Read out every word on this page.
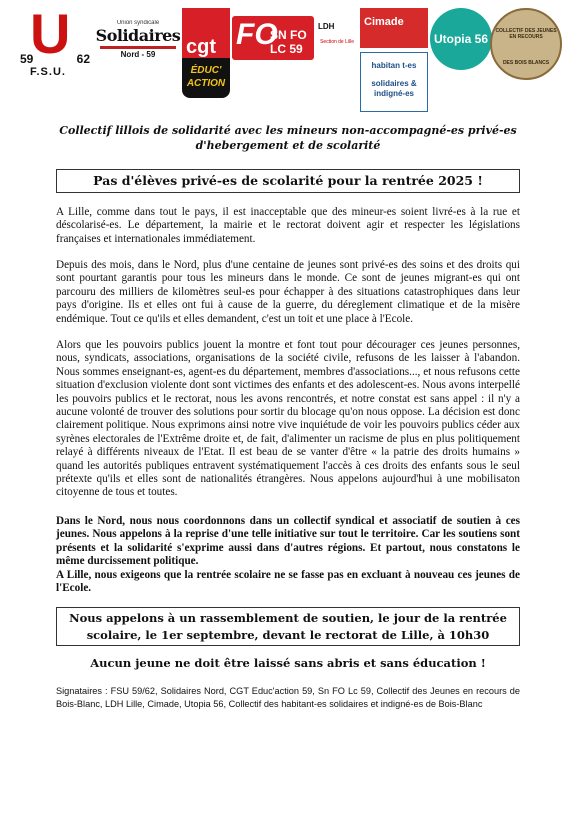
U
59	62
F.S.U.
Union syndicale
Solidaires
Nord - 59	cgt
ÉDUC'
ACTION
FO
SN FO LC 59
LDH
Section de Lille
Cimade
habitan t-es
solidaires &
indigné-es
Utopia 56
COLLECTIF DES JEUNES EN RECOURS
DES BOIS BLANCS
Collectif lillois de solidarité avec les mineurs non-accompagné-es privé-es d'hebergement et de scolarité
Pas d'élèves privé-es de scolarité pour la rentrée 2025 !
A Lille, comme dans tout le pays, il est inacceptable que des mineur-es soient livré-es à la rue et déscolarisé-es. Le département, la mairie et le rectorat doivent agir et respecter les législations françaises et internationales immédiatement.
Depuis des mois, dans le Nord, plus d'une centaine de jeunes sont privé-es des soins et des droits qui sont pourtant garantis pour tous les mineurs dans le monde. Ce sont de jeunes migrant-es qui ont parcouru des milliers de kilomètres seul-es pour échapper à des situations catastrophiques dans leur pays d'origine. Ils et elles ont fui à cause de la guerre, du déreglement climatique et de la misère endémique. Tout ce qu'ils et elles demandent, c'est un toit et une place à l'Ecole.
Alors que les pouvoirs publics jouent la montre et font tout pour décourager ces jeunes personnes, nous, syndicats, associations, organisations de la société civile, refusons de les laisser à l'abandon. Nous sommes enseignant-es, agent-es du département, membres d'associations..., et nous refusons cette situation d'exclusion violente dont sont victimes des enfants et des adolescent-es. Nous avons interpellé les pouvoirs publics et le rectorat, nous les avons rencontrés, et notre constat est sans appel : il n'y a aucune volonté de trouver des solutions pour sortir du blocage qu'on nous oppose. La décision est donc clairement politique. Nous exprimons ainsi notre vive inquiétude de voir les pouvoirs publics céder aux syrènes electorales de l'Extrême droite et, de fait, d'alimenter un racisme de plus en plus politiquement relayé à différents niveaux de l'Etat. Il est beau de se vanter d'être « la patrie des droits humains » quand les autorités publiques entravent systématiquement l'accès à ces droits des enfants sous le seul prétexte qu'ils et elles sont de nationalités étrangères. Nous appelons aujourd'hui à une mobilisaton citoyenne de tous et toutes.
Dans le Nord, nous nous coordonnons dans un collectif syndical et associatif de soutien à ces jeunes. Nous appelons à la reprise d'une telle initiative sur tout le territoire. Car les soutiens sont présents et la solidarité s'exprime aussi dans d'autres régions. Et partout, nous constatons le même durcissement politique.
A Lille, nous exigeons que la rentrée scolaire ne se fasse pas en excluant à nouveau ces jeunes de l'Ecole.
Nous appelons à un rassemblement de soutien, le jour de la rentrée scolaire, le 1er septembre, devant le rectorat de Lille, à 10h30
Aucun jeune ne doit être laissé sans abris et sans éducation !
Signataires : FSU 59/62, Solidaires Nord, CGT Educ'action 59, Sn FO Lc 59, Collectif des Jeunes en recours de Bois-Blanc, LDH Lille, Cimade, Utopia 56, Collectif des habitant-es solidaires et indigné-es de Bois-Blanc
